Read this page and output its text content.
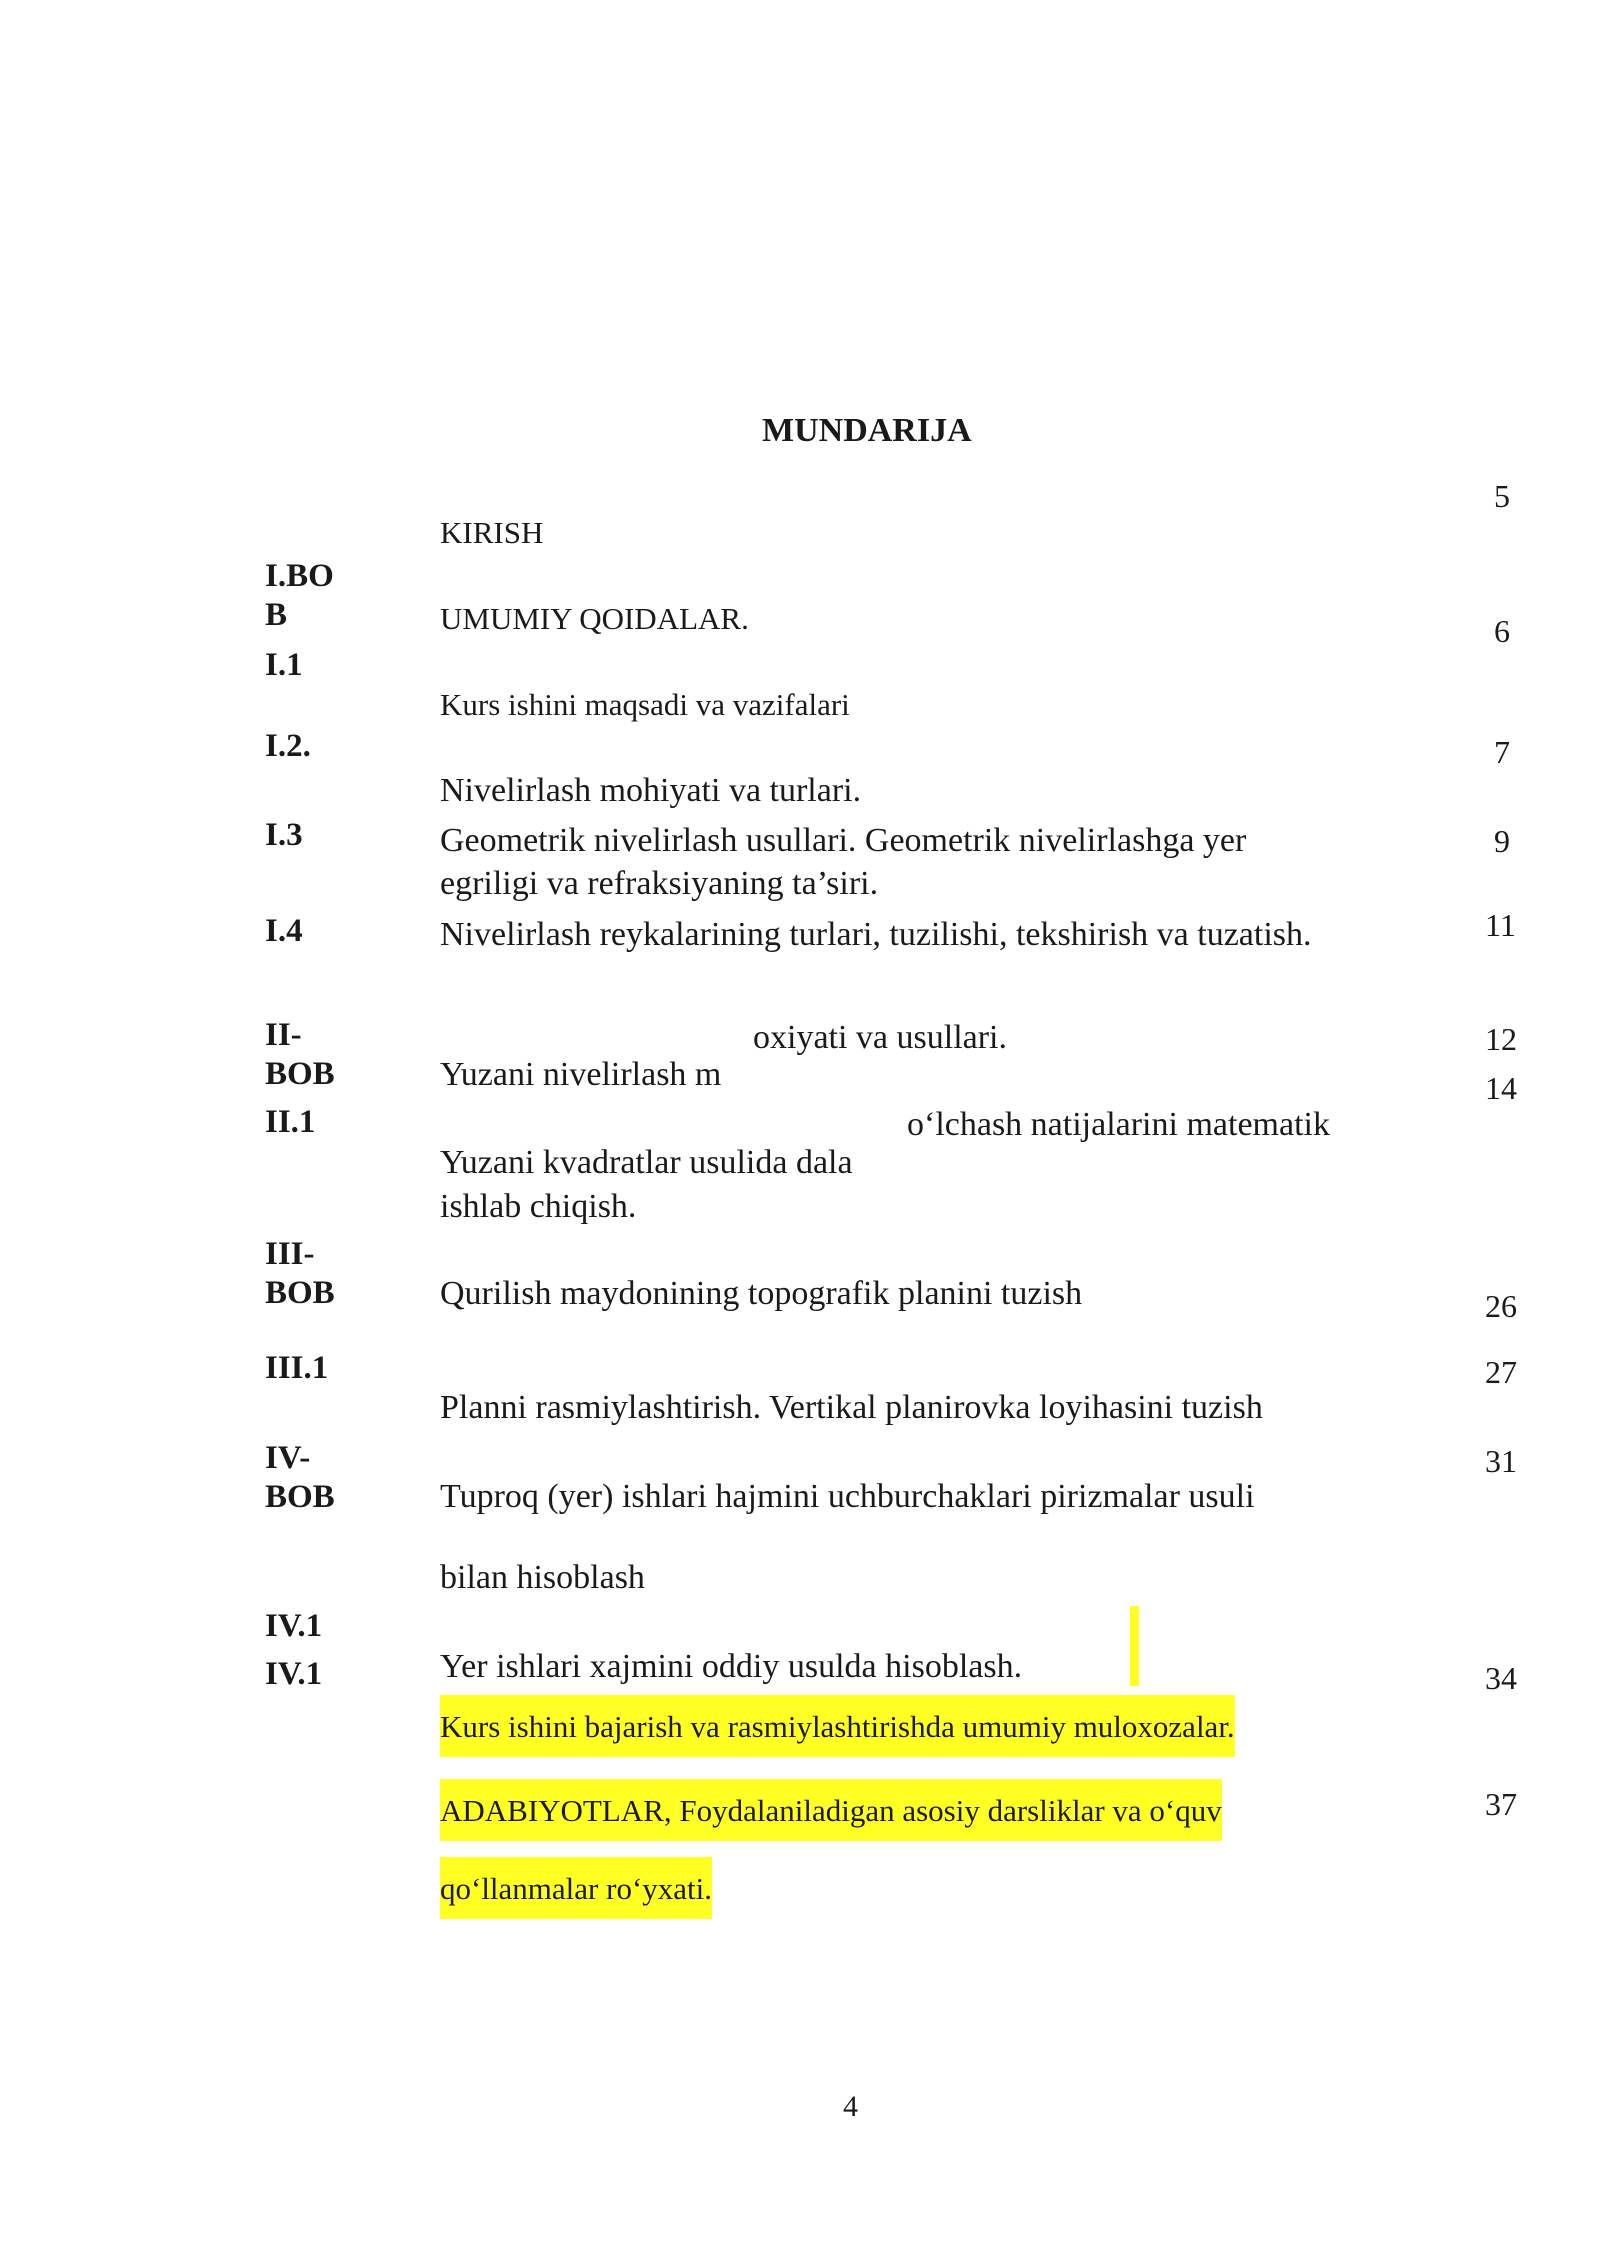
MUNDARIJA
I.BO
B
I.1
I.2.
I.3
I.4
II-
BOB
II.1
III-
BOB
III.1
IV-
BOB
IV.1
IV.1
KIRISH
UMUMIY QOIDALAR.
Kurs ishini maqsadi va vazifalari
Nivelirlash mohiyati va turlari.
Geometrik nivelirlash usullari. Geometrik nivelirlashga yer
egriligi va refraksiyaning ta’siri.
Nivelirlash reykalarining turlari, tuzilishi, tekshirish va tuzatish.
oxiyati va usullari.
Yuzani nivelirlash m
o‘lchash natijalarini matematik
Yuzani kvadratlar usulida dala
ishlab chiqish.
Qurilish maydonining topografik planini tuzish
Planni rasmiylashtirish. Vertikal planirovka loyihasini tuzish
Tuproq (yer) ishlari hajmini uchburchaklari pirizmalar usuli
bilan hisoblash
Yer ishlari xajmini oddiy usulda hisoblash.
Kurs ishini bajarish va rasmiylashtirishda umumiy muloxozalar.
ADABIYOTLAR, Foydalaniladigan asosiy darsliklar va o‘quv
qo‘llanmalar ro‘yxati.
5
6
7
9
11
12
14
26
27
31
34
37
4
